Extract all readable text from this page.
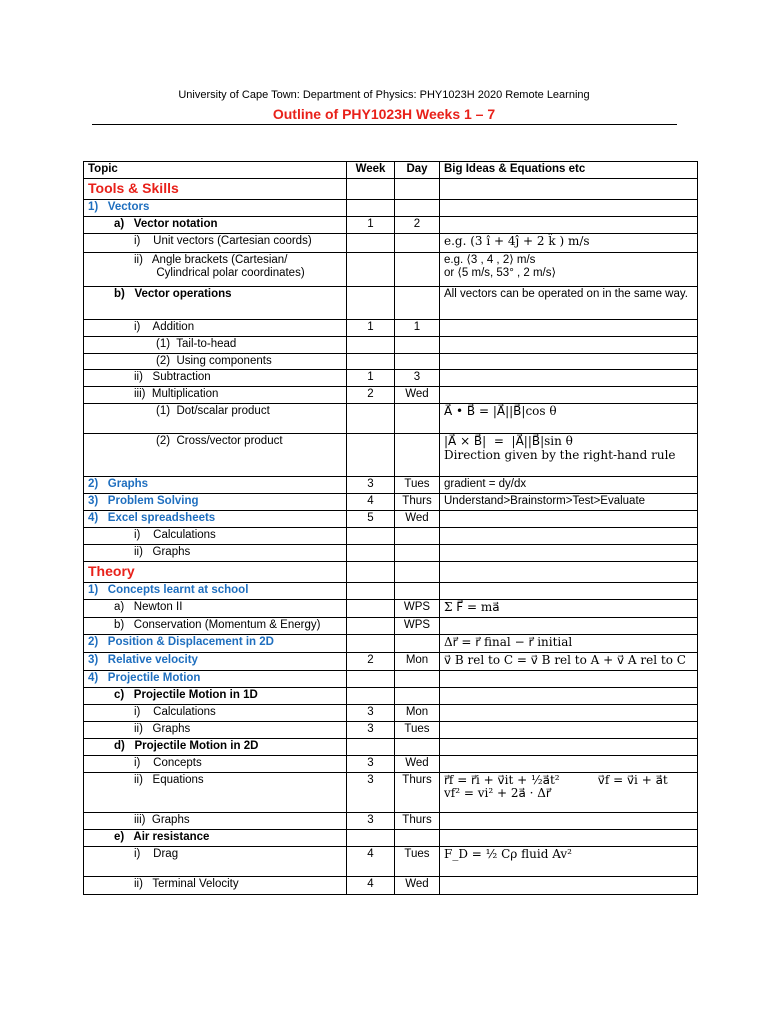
University of Cape Town: Department of Physics: PHY1023H 2020 Remote Learning
Outline of PHY1023H Weeks 1 – 7
Topic	Week	Day	Big Ideas & Equations etc
Tools & Skills			
1)   Vectors			
a)   Vector notation	1	2	
i)    Unit vectors (Cartesian coords)			e.g. (3 î + 4ĵ + 2 k̂ ) m/s
ii)   Angle brackets (Cartesian/
Cylindrical polar coordinates)			e.g. ⟨3 , 4 , 2⟩ m/s
or ⟨5 m/s, 53° , 2 m/s⟩
b)   Vector operations			All vectors can be operated on in the same way.
i)    Addition	1	1	
(1)  Tail-to-head			
(2)  Using components			
ii)   Subtraction	1	3	
iii)  Multiplication	2	Wed	
(1)  Dot/scalar product			A⃗ • B⃗ = |A⃗||B⃗|cos θ
(2)  Cross/vector product			|A⃗ × B⃗|  =  |A⃗||B⃗|sin θ
Direction given by the right-hand rule
2)   Graphs	3	Tues	gradient = dy/dx
3)   Problem Solving	4	Thurs	Understand>Brainstorm>Test>Evaluate
4)   Excel spreadsheets	5	Wed	
i)    Calculations			
ii)   Graphs			
Theory			
1)   Concepts learnt at school			
a)   Newton II		WPS	Σ F⃗ = ma⃗
b)   Conservation (Momentum & Energy)		WPS	
2)   Position & Displacement in 2D			Δr⃗ = r⃗ final − r⃗ initial
3)   Relative velocity	2	Mon	v⃗ B rel to C = v⃗ B rel to A + v⃗ A rel to C
4)   Projectile Motion			
c)   Projectile Motion in 1D			
i)    Calculations	3	Mon	
ii)   Graphs	3	Tues	
d)   Projectile Motion in 2D			
i)    Concepts	3	Wed	
ii)   Equations	3	Thurs	r⃗f = r⃗i + v⃗it + ½a⃗t²          v⃗f = v⃗i + a⃗t
vf² = vi² + 2a⃗ · Δr⃗
iii)  Graphs	3	Thurs	
e)   Air resistance			
i)    Drag	4	Tues	F_D = ½ Cρ fluid Av²
ii)   Terminal Velocity	4	Wed	
